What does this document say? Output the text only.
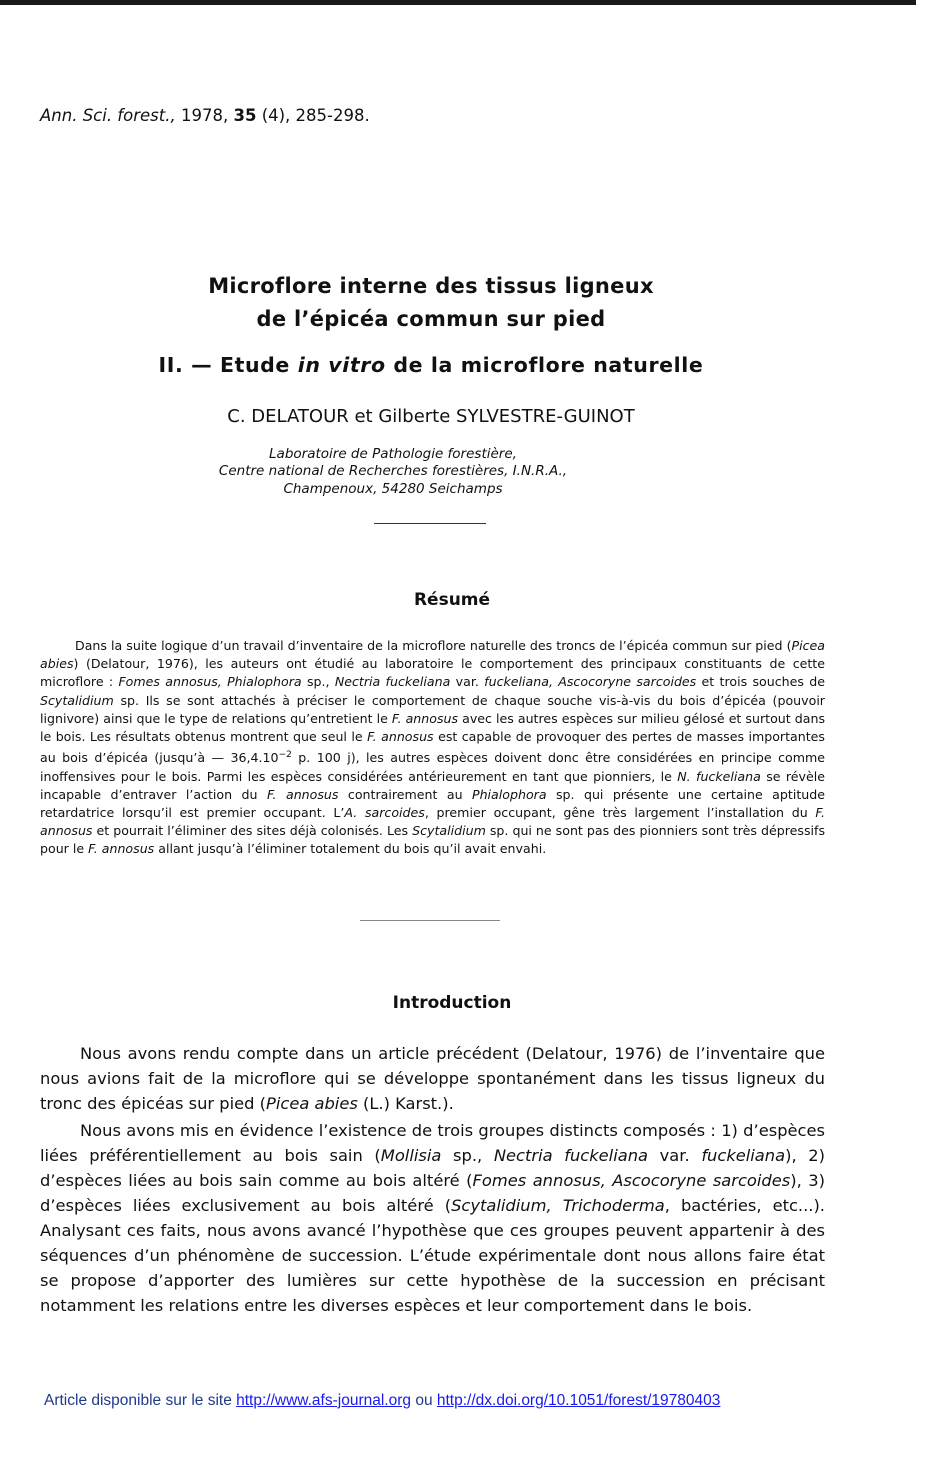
Ann. Sci. forest., 1978, 35 (4), 285-298.
Microflore interne des tissus ligneux
de l’épicéa commun sur pied
II. — Etude in vitro de la microflore naturelle
C. DELATOUR et Gilberte SYLVESTRE-GUINOT
Laboratoire de Pathologie forestière,
Centre national de Recherches forestières, I.N.R.A.,
Champenoux, 54280 Seichamps
Résumé

Dans la suite logique d’un travail d’inventaire de la microflore naturelle des troncs de l’épicéa commun sur pied (Picea abies) (Delatour, 1976), les auteurs ont étudié au laboratoire le comportement des principaux constituants de cette microflore : Fomes annosus, Phialophora sp., Nectria fuckeliana var. fuckeliana, Ascocoryne sarcoides et trois souches de Scytalidium sp. Ils se sont attachés à préciser le comportement de chaque souche vis-à-vis du bois d’épicéa (pouvoir lignivore) ainsi que le type de relations qu’entretient le F. annosus avec les autres espèces sur milieu gélosé et surtout dans le bois. Les résultats obtenus montrent que seul le F. annosus est capable de provoquer des pertes de masses importantes au bois d’épicéa (jusqu’à — $36,4.10^{-2}$ p. 100 j), les autres espèces doivent donc être considérées en principe comme inoffensives pour le bois. Parmi les espèces considérées antérieurement en tant que pionniers, le N. fuckeliana se révèle incapable d’entraver l’action du F. annosus contrairement au Phialophora sp. qui présente une certaine aptitude retardatrice lorsqu’il est premier occupant. L’A. sarcoides, premier occupant, gêne très largement l’installation du F. annosus et pourrait l’éliminer des sites déjà colonisés. Les Scytalidium sp. qui ne sont pas des pionniers sont très dépressifs pour le F. annosus allant jusqu’à l’éliminer totalement du bois qu’il avait envahi.

Introduction

Nous avons rendu compte dans un article précédent (Delatour, 1976) de l’inventaire que nous avions fait de la microflore qui se développe spontanément dans les tissus ligneux du tronc des épicéas sur pied (Picea abies (L.) Karst.).

Nous avons mis en évidence l’existence de trois groupes distincts composés : 1) d’espèces liées préférentiellement au bois sain (Mollisia sp., Nectria fuckeliana var. fuckeliana), 2) d’espèces liées au bois sain comme au bois altéré (Fomes annosus, Ascocoryne sarcoides), 3) d’espèces liées exclusivement au bois altéré (Scytalidium, Trichoderma, bactéries, etc...). Analysant ces faits, nous avons avancé l’hypothèse que ces groupes peuvent appartenir à des séquences d’un phénomène de succession. L’étude expérimentale dont nous allons faire état se propose d’apporter des lumières sur cette hypothèse de la succession en précisant notamment les relations entre les diverses espèces et leur comportement dans le bois.

Article disponible sur le site http://www.afs-journal.org ou http://dx.doi.org/10.1051/forest/19780403
